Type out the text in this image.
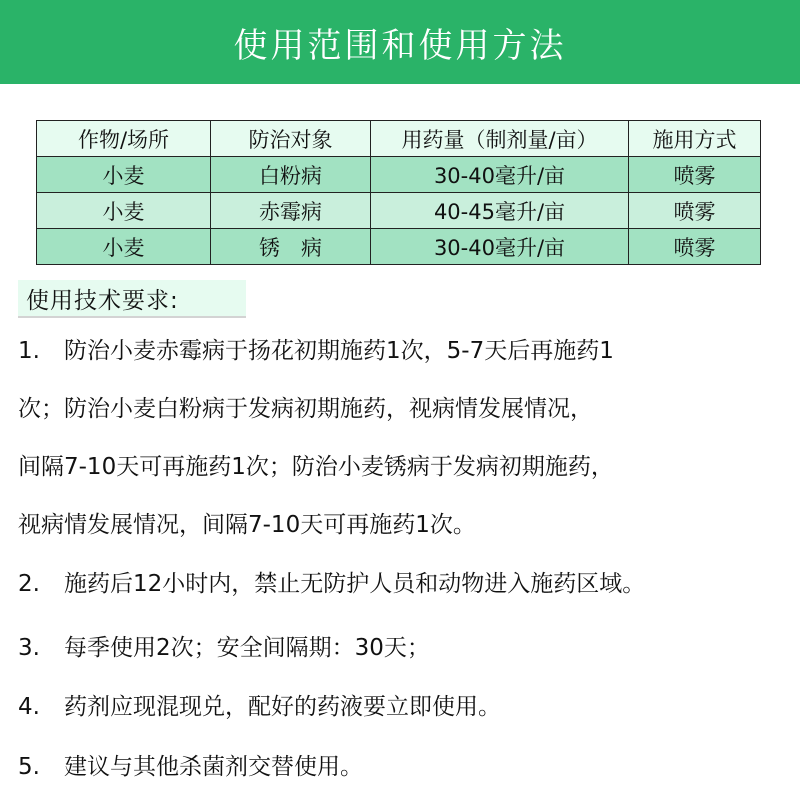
使用范围和使用方法
作物/场所	防治对象	用药量（制剂量/亩）	施用方式
小麦	白粉病	30-40毫升/亩	喷雾
小麦	赤霉病	40-45毫升/亩	喷雾
小麦	锈　病	30-40毫升/亩	喷雾
使用技术要求:
1. 防治小麦赤霉病于扬花初期施药1次，5-7天后再施药1
次；防治小麦白粉病于发病初期施药，视病情发展情况，
间隔7-10天可再施药1次；防治小麦锈病于发病初期施药，
视病情发展情况，间隔7-10天可再施药1次。
2. 施药后12小时内，禁止无防护人员和动物进入施药区域。
3. 每季使用2次；安全间隔期：30天；
4. 药剂应现混现兑，配好的药液要立即使用。
5. 建议与其他杀菌剂交替使用。
